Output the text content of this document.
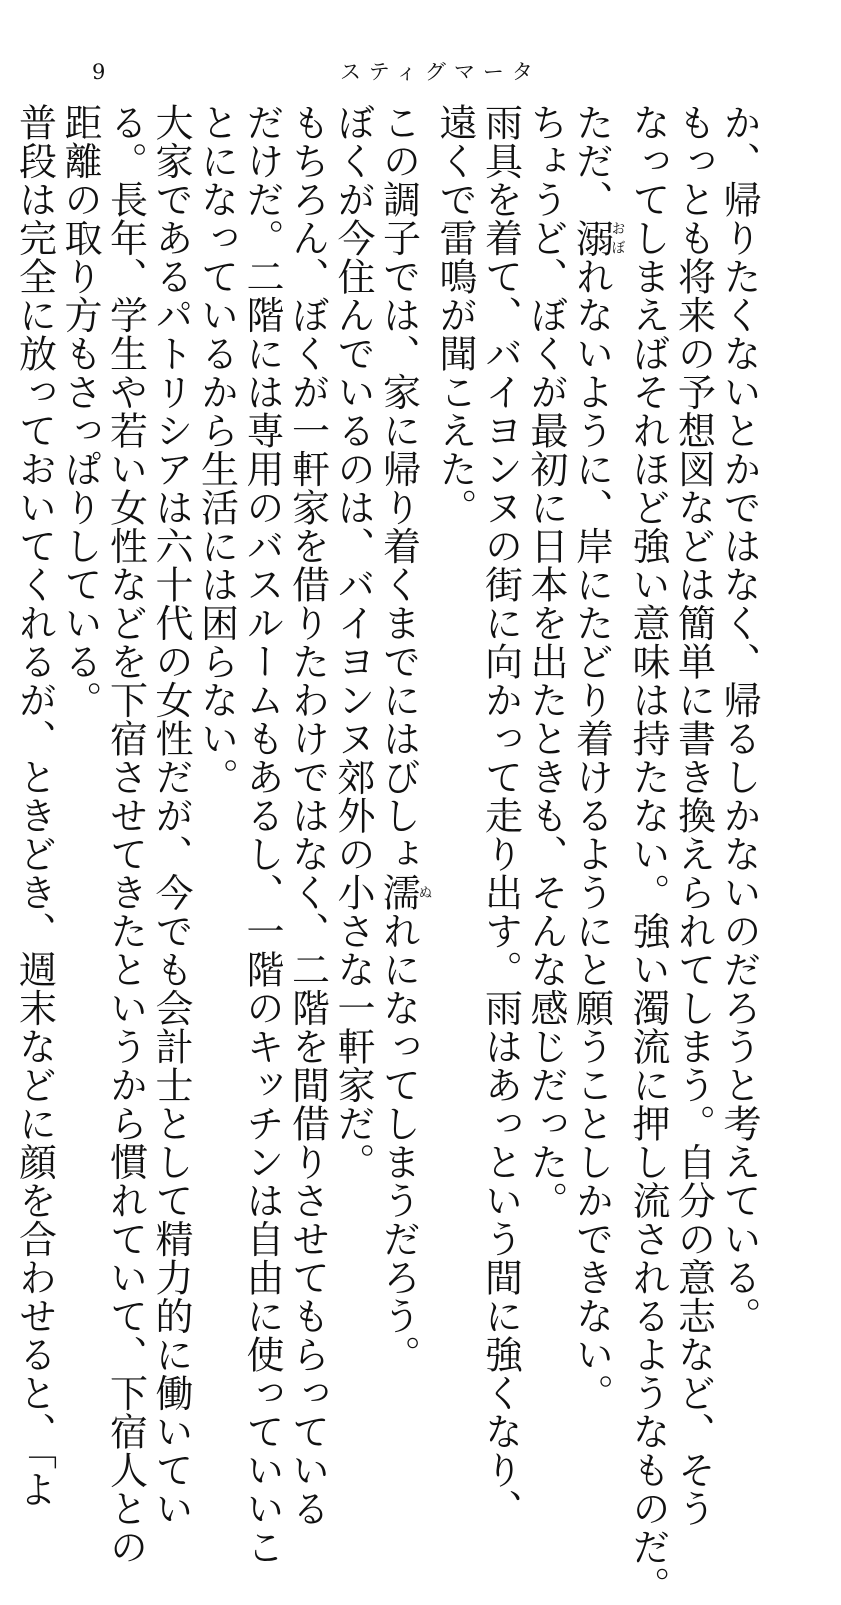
9	スティグマータ
か、帰りたくないとかではなく、帰るしかないのだろうと考えている。
もっとも将来の予想図などは簡単に書き換えられてしまう。自分の意志など、そう
なってしまえばそれほど強い意味は持たない。強い濁流に押し流されるようなものだ。
ただ、溺おぼれないように、岸にたどり着けるようにと願うことしかできない。
ちょうど、ぼくが最初に日本を出たときも、そんな感じだった。
雨具を着て、バイヨンヌの街に向かって走り出す。雨はあっという間に強くなり、
遠くで雷鳴が聞こえた。
この調子では、家に帰り着くまでにはびしょ濡ぬれになってしまうだろう。
ぼくが今住んでいるのは、バイヨンヌ郊外の小さな一軒家だ。
もちろん、ぼくが一軒家を借りたわけではなく、二階を間借りさせてもらっている
だけだ。二階には専用のバスルームもあるし、一階のキッチンは自由に使っていいこ
とになっているから生活には困らない。
大家であるパトリシアは六十代の女性だが、今でも会計士として精力的に働いてい
る。長年、学生や若い女性などを下宿させてきたというから慣れていて、下宿人との
距離の取り方もさっぱりしている。
普段は完全に放っておいてくれるが、ときどき、週末などに顔を合わせると、「よ
